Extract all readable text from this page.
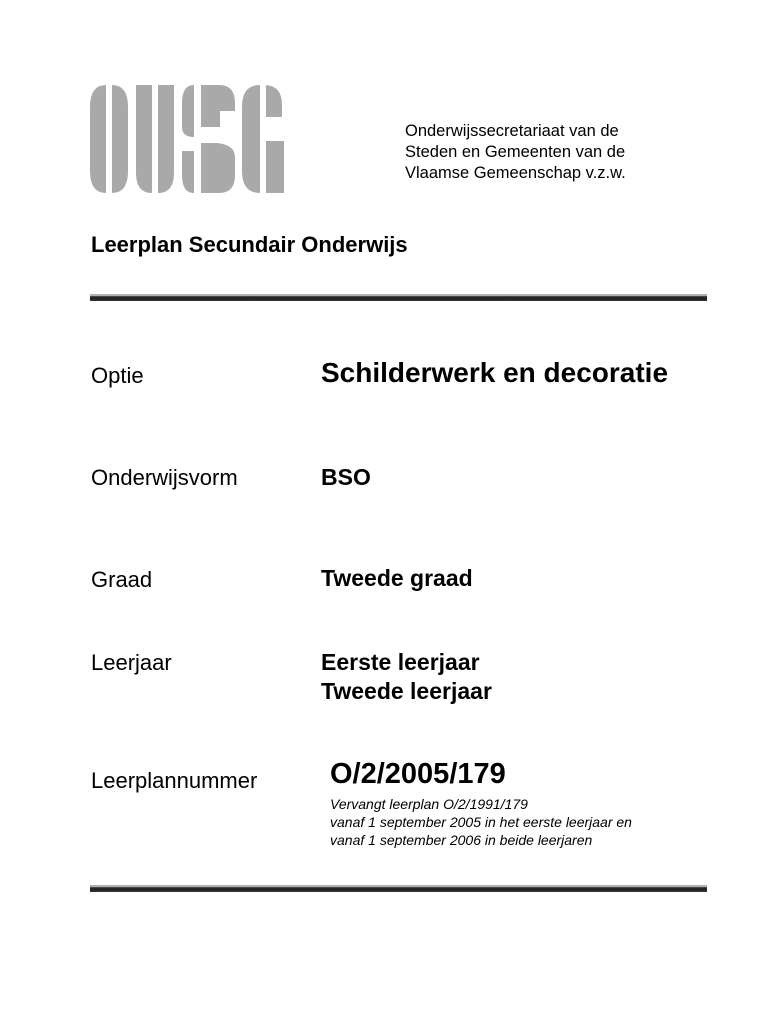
Onderwijssecretariaat van de
Steden en Gemeenten van de
Vlaamse Gemeenschap v.z.w.
Leerplan Secundair Onderwijs
Optie	Schilderwerk en decoratie
Onderwijsvorm	BSO
Graad	Tweede graad
Leerjaar	Eerste leerjaar
Tweede leerjaar
Leerplannummer	O/2/2005/179
Vervangt leerplan O/2/1991/179
vanaf 1 september 2005 in het eerste leerjaar en
vanaf 1 september 2006 in beide leerjaren
